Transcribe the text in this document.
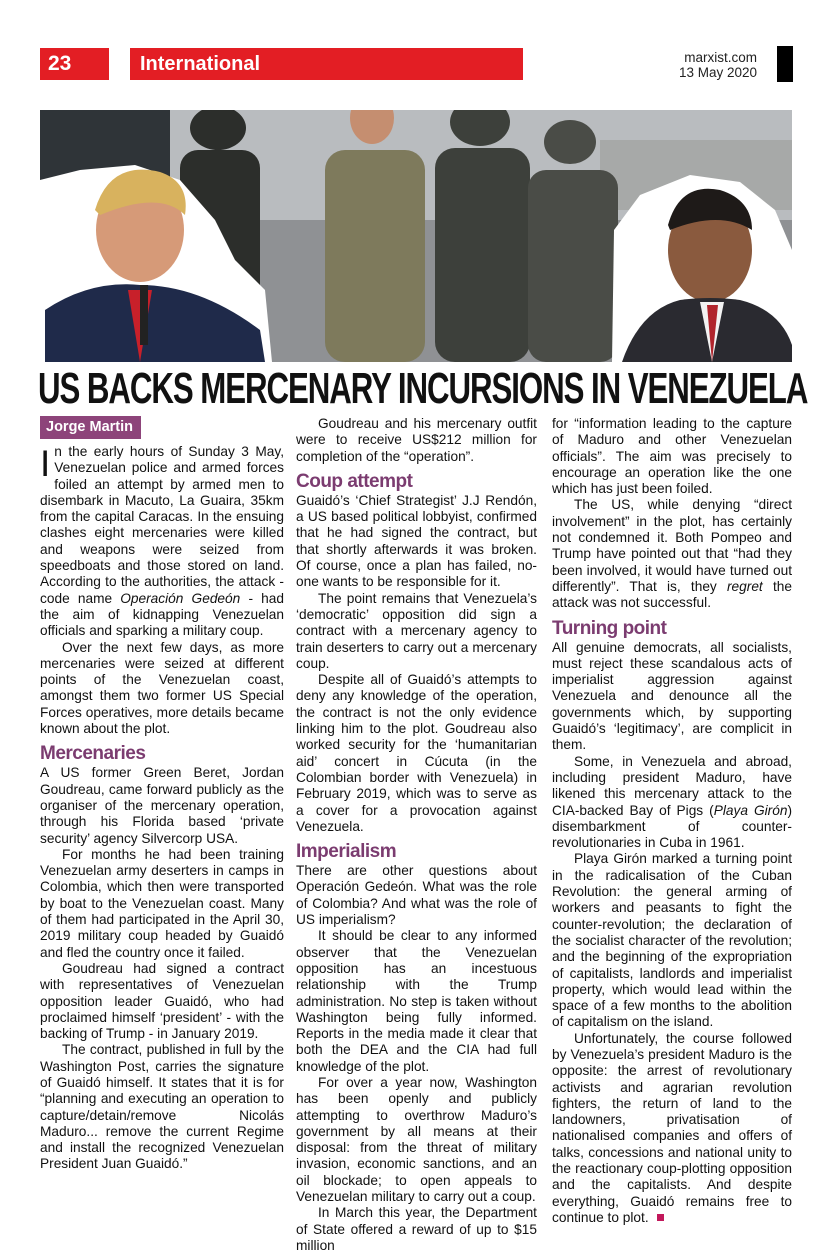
23	International	marxist.com
13 May 2020
US BACKS MERCENARY INCURSIONS IN VENEZUELA
Jorge Martin

In the early hours of Sunday 3 May, Venezuelan police and armed forces foiled an attempt by armed men to disembark in Macuto, La Guaira, 35km from the capital Caracas. In the ensuing clashes eight mercenaries were killed and weapons were seized from speedboats and those stored on land. According to the authorities, the attack - code name Operación Gedeón - had the aim of kidnapping Venezuelan officials and sparking a military coup.

Over the next few days, as more mercenaries were seized at different points of the Venezuelan coast, amongst them two former US Special Forces operatives, more details became known about the plot.

Mercenaries

A US former Green Beret, Jordan Goudreau, came forward publicly as the organiser of the mercenary operation, through his Florida based ‘private security’ agency Silvercorp USA.

For months he had been training Venezuelan army deserters in camps in Colombia, which then were transported by boat to the Venezuelan coast. Many of them had participated in the April 30, 2019 military coup headed by Guaidó and fled the country once it failed.

Goudreau had signed a contract with representatives of Venezuelan opposition leader Guaidó, who had proclaimed himself ‘president’ - with the backing of Trump - in January 2019.

The contract, published in full by the Washington Post, carries the signature of Guaidó himself. It states that it is for “planning and executing an operation to capture/detain/remove Nicolás Maduro... remove the current Regime and install the recognized Venezuelan President Juan Guaidó.”

Goudreau and his mercenary outfit were to receive US$212 million for completion of the “operation”.

Coup attempt

Guaidó’s ‘Chief Strategist’ J.J Rendón, a US based political lobbyist, confirmed that he had signed the contract, but that shortly afterwards it was broken. Of course, once a plan has failed, no-one wants to be responsible for it.

The point remains that Venezuela’s ‘democratic’ opposition did sign a contract with a mercenary agency to train deserters to carry out a mercenary coup.

Despite all of Guaidó’s attempts to deny any knowledge of the operation, the contract is not the only evidence linking him to the plot. Goudreau also worked security for the ‘humanitarian aid’ concert in Cúcuta (in the Colombian border with Venezuela) in February 2019, which was to serve as a cover for a provocation against Venezuela.

Imperialism

There are other questions about Operación Gedeón. What was the role of Colombia? And what was the role of US imperialism?

It should be clear to any informed observer that the Venezuelan opposition has an incestuous relationship with the Trump administration. No step is taken without Washington being fully informed. Reports in the media made it clear that both the DEA and the CIA had full knowledge of the plot.

For over a year now, Washington has been openly and publicly attempting to overthrow Maduro’s government by all means at their disposal: from the threat of military invasion, economic sanctions, and an oil blockade; to open appeals to Venezuelan military to carry out a coup.

In March this year, the Department of State offered a reward of up to $15 million

for “information leading to the capture of Maduro and other Venezuelan officials”. The aim was precisely to encourage an operation like the one which has just been foiled.

The US, while denying “direct involvement” in the plot, has certainly not condemned it. Both Pompeo and Trump have pointed out that “had they been involved, it would have turned out differently”. That is, they regret the attack was not successful.

Turning point

All genuine democrats, all socialists, must reject these scandalous acts of imperialist aggression against Venezuela and denounce all the governments which, by supporting Guaidó’s ‘legitimacy’, are complicit in them.

Some, in Venezuela and abroad, including president Maduro, have likened this mercenary attack to the CIA-backed Bay of Pigs (Playa Girón) disembarkment of counter-revolutionaries in Cuba in 1961.

Playa Girón marked a turning point in the radicalisation of the Cuban Revolution: the general arming of workers and peasants to fight the counter-revolution; the declaration of the socialist character of the revolution; and the beginning of the expropriation of capitalists, landlords and imperialist property, which would lead within the space of a few months to the abolition of capitalism on the island.

Unfortunately, the course followed by Venezuela’s president Maduro is the opposite: the arrest of revolutionary activists and agrarian revolution fighters, the return of land to the landowners, privatisation of nationalised companies and offers of talks, concessions and national unity to the reactionary coup-plotting opposition and the capitalists. And despite everything, Guaidó remains free to continue to plot.
